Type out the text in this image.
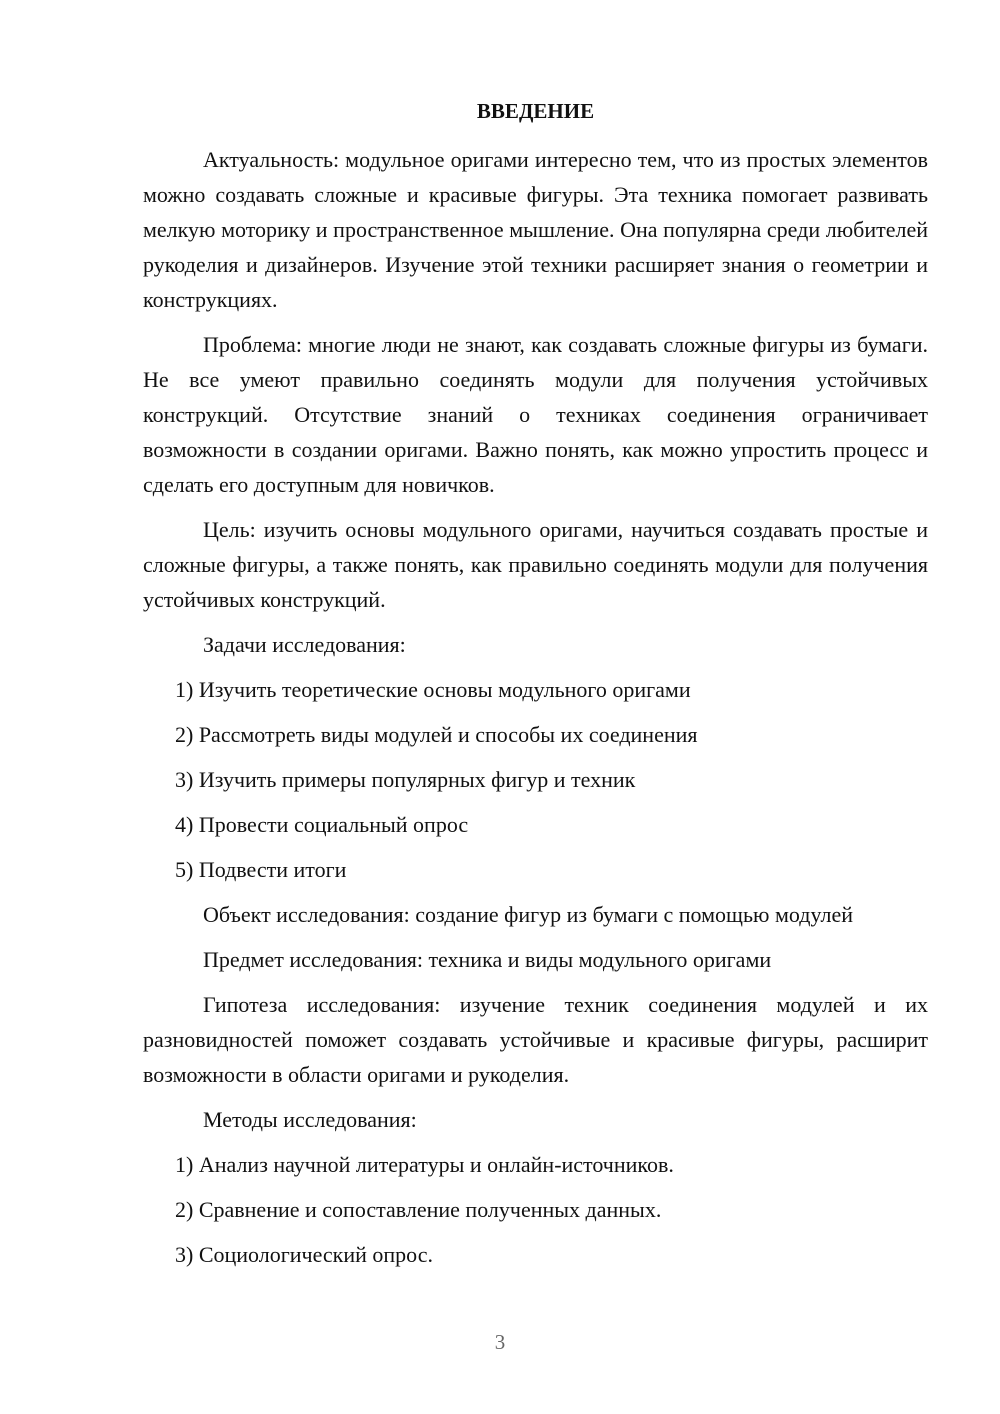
ВВЕДЕНИЕ

Актуальность: модульное оригами интересно тем, что из простых элементов можно создавать сложные и красивые фигуры. Эта техника помогает развивать мелкую моторику и пространственное мышление. Она популярна среди любителей рукоделия и дизайнеров. Изучение этой техники расширяет знания о геометрии и конструкциях.

Проблема: многие люди не знают, как создавать сложные фигуры из бумаги. Не все умеют правильно соединять модули для получения устойчивых конструкций. Отсутствие знаний о техниках соединения ограничивает возможности в создании оригами. Важно понять, как можно упростить процесс и сделать его доступным для новичков.

Цель: изучить основы модульного оригами, научиться создавать простые и сложные фигуры, а также понять, как правильно соединять модули для получения устойчивых конструкций.

Задачи исследования:

1) Изучить теоретические основы модульного оригами
2) Рассмотреть виды модулей и способы их соединения
3) Изучить примеры популярных фигур и техник
4) Провести социальный опрос
5) Подвести итоги

Объект исследования: создание фигур из бумаги с помощью модулей

Предмет исследования: техника и виды модульного оригами

Гипотеза исследования: изучение техник соединения модулей и их разновидностей поможет создавать устойчивые и красивые фигуры, расширит возможности в области оригами и рукоделия.

Методы исследования:

1) Анализ научной литературы и онлайн-источников.
2) Сравнение и сопоставление полученных данных.
3) Социологический опрос.
3
